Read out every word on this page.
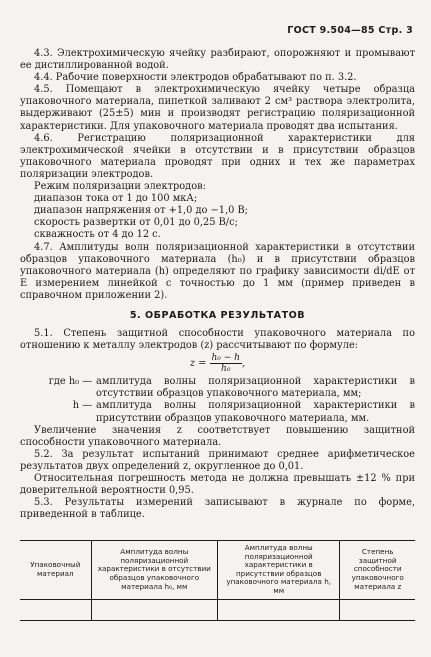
ГОСТ 9.504—85 Стр. 3

4.3. Электрохимическую ячейку разбирают, опорожняют и промывают ее дистиллированной водой.

4.4. Рабочие поверхности электродов обрабатывают по п. 3.2.

4.5. Помещают в электрохимическую ячейку четыре образца упаковочного материала, пипеткой заливают 2 см³ раствора электролита, выдерживают (25±5) мин и производят регистрацию поляризационной характеристики. Для упаковочного материала проводят два испытания.

4.6. Регистрацию поляризационной характеристики для электрохимической ячейки в отсутствии и в присутствии образцов упаковочного материала проводят при одних и тех же параметрах поляризации электродов.

Режим поляризации электродов:

диапазон тока от 1 до 100 мкА;
диапазон напряжения от +1,0 до −1,0 В;
скорость развертки от 0,01 до 0,25 В/с;
скважность от 4 до 12 с.

4.7. Амплитуды волн поляризационной характеристики в отсутствии образцов упаковочного материала (h₀) и в присутствии образцов упаковочного материала (h) определяют по графику зависимости di/dE от E измерением линейкой с точностью до 1 мм (пример приведен в справочном приложении 2).

5. ОБРАБОТКА РЕЗУЛЬТАТОВ

5.1. Степень защитной способности упаковочного материала по отношению к металлу электродов (z) рассчитывают по формуле:

$z = \frac{\text{h₀ − h}}{\text{h₀}}$ ,
где h₀ — амплитуда волны поляризационной характеристики в отсутствии образцов упаковочного материала, мм;
h — амплитуда волны поляризационной характеристики в присутствии образцов упаковочного материала, мм.

Увеличение значения z соответствует повышению защитной способности упаковочного материала.

5.2. За результат испытаний принимают среднее арифметическое результатов двух определений z, округленное до 0,01.

Относительная погрешность метода не должна превышать ±12 % при доверительной вероятности 0,95.

5.3. Результаты измерений записывают в журнале по форме, приведенной в таблице.

Упаковочный материал	Амплитуда волны поляризационной характеристики в отсутствии образцов упаковочного материала h₀, мм	Амплитуда волны поляризационной характеристики в присутствии образцов упаковочного материала h, мм	Степень защитной способности упаковочного материала z
